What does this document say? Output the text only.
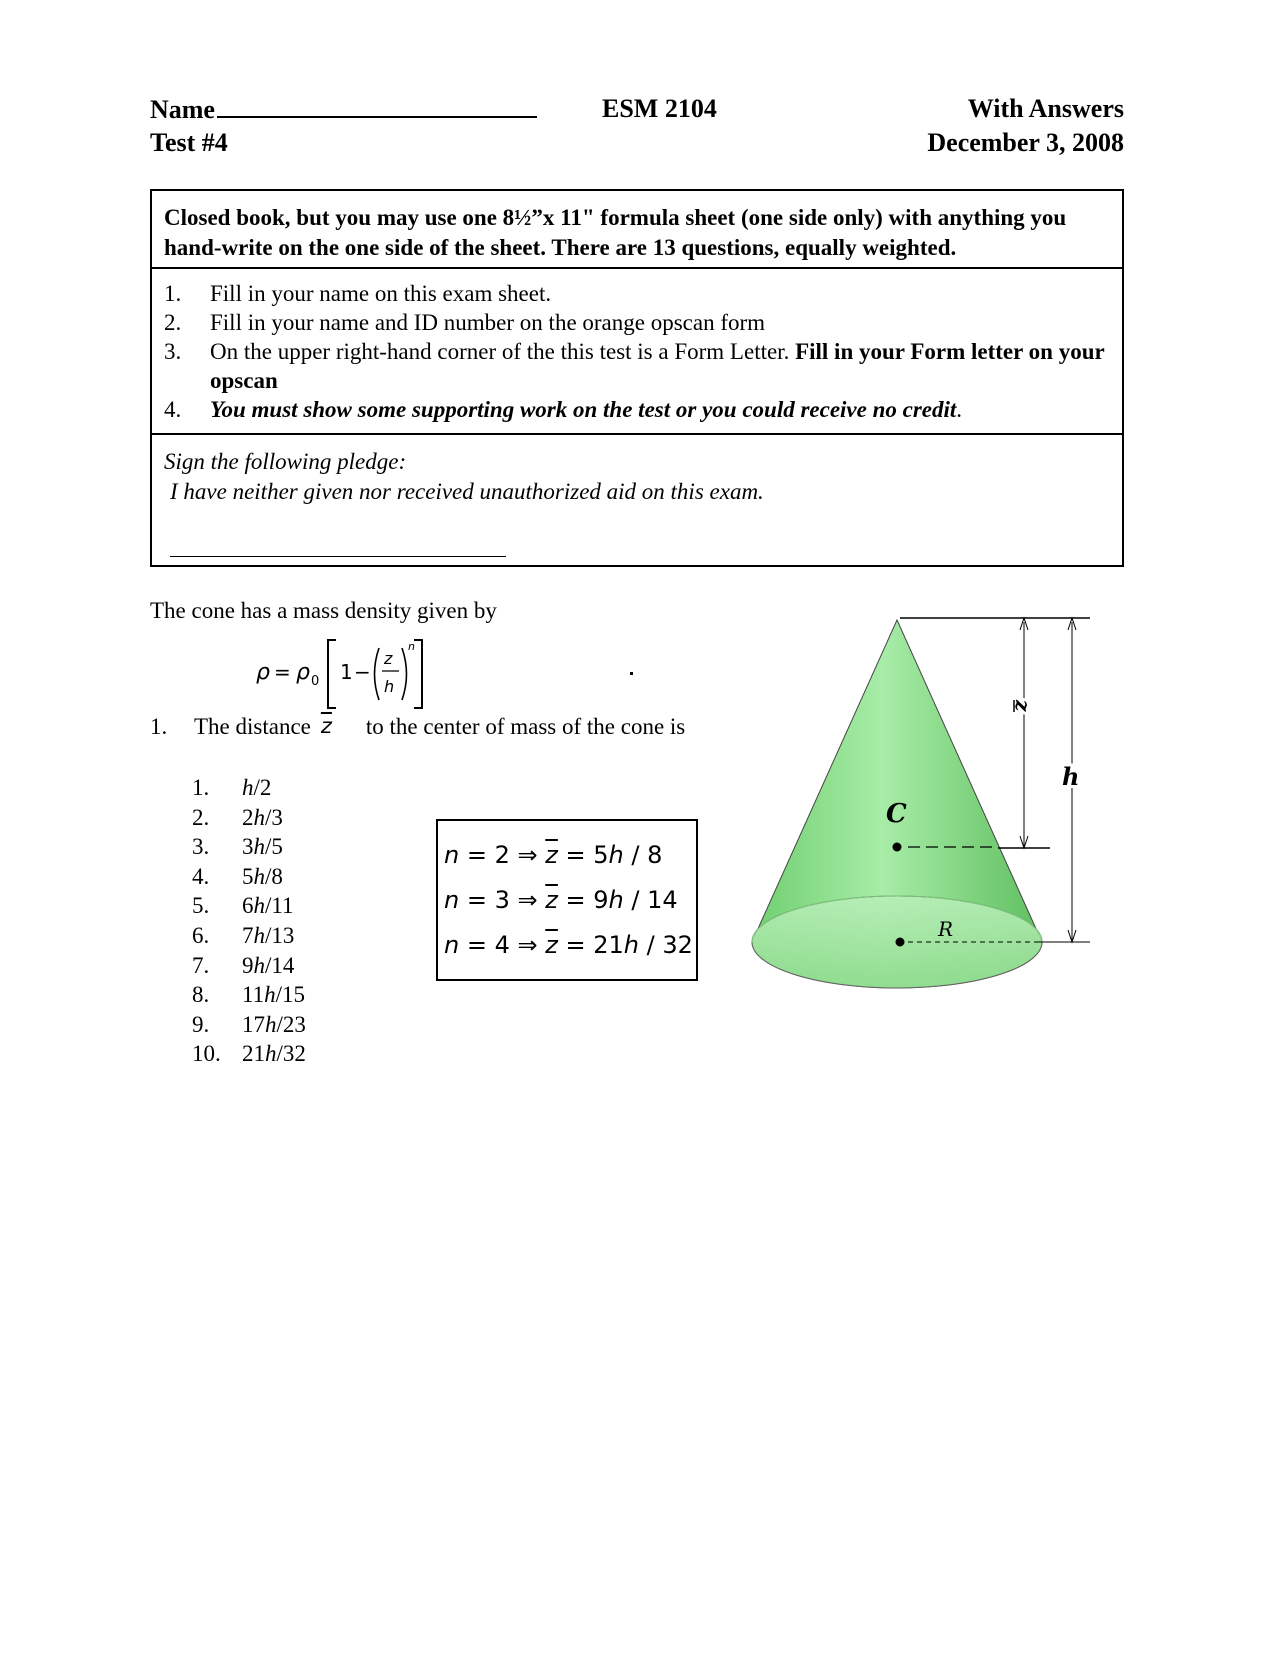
Name
Test #4
ESM 2104	With Answers
December 3, 2008
Closed book, but you may use one 8½”x 11" formula sheet (one side only) with anything you hand-write on the one side of the sheet. There are 13 questions, equally weighted.
1.	Fill in your name on this exam sheet.
2.	Fill in your name and ID number on the orange opscan form
3.	On the upper right-hand corner of the this test is a Form Letter. Fill in your Form letter on your opscan
4.	You must show some supporting work on the test or you could receive no credit.
Sign the following pledge:
I have neither given nor received unauthorized aid on this exam.
The cone has a mass density given by
ρ = ρ 0 1 −
z
h
n
1.	The distance $\overline{z}$ to the center of mass of the cone is
1.	h/2
2.	2h/3
3.	3h/5
4.	5h/8
5.	6h/11
6.	7h/13
7.	9h/14
8.	11h/15
9.	17h/23
10. 21h/32
n = 2 ⇒ $\overline{z} = 5h / 8$
n = 3 ⇒ $\overline{z} = 9h / 14$
n = 4 ⇒ $\overline{z} = 21h / 32$
h
z
C
R
